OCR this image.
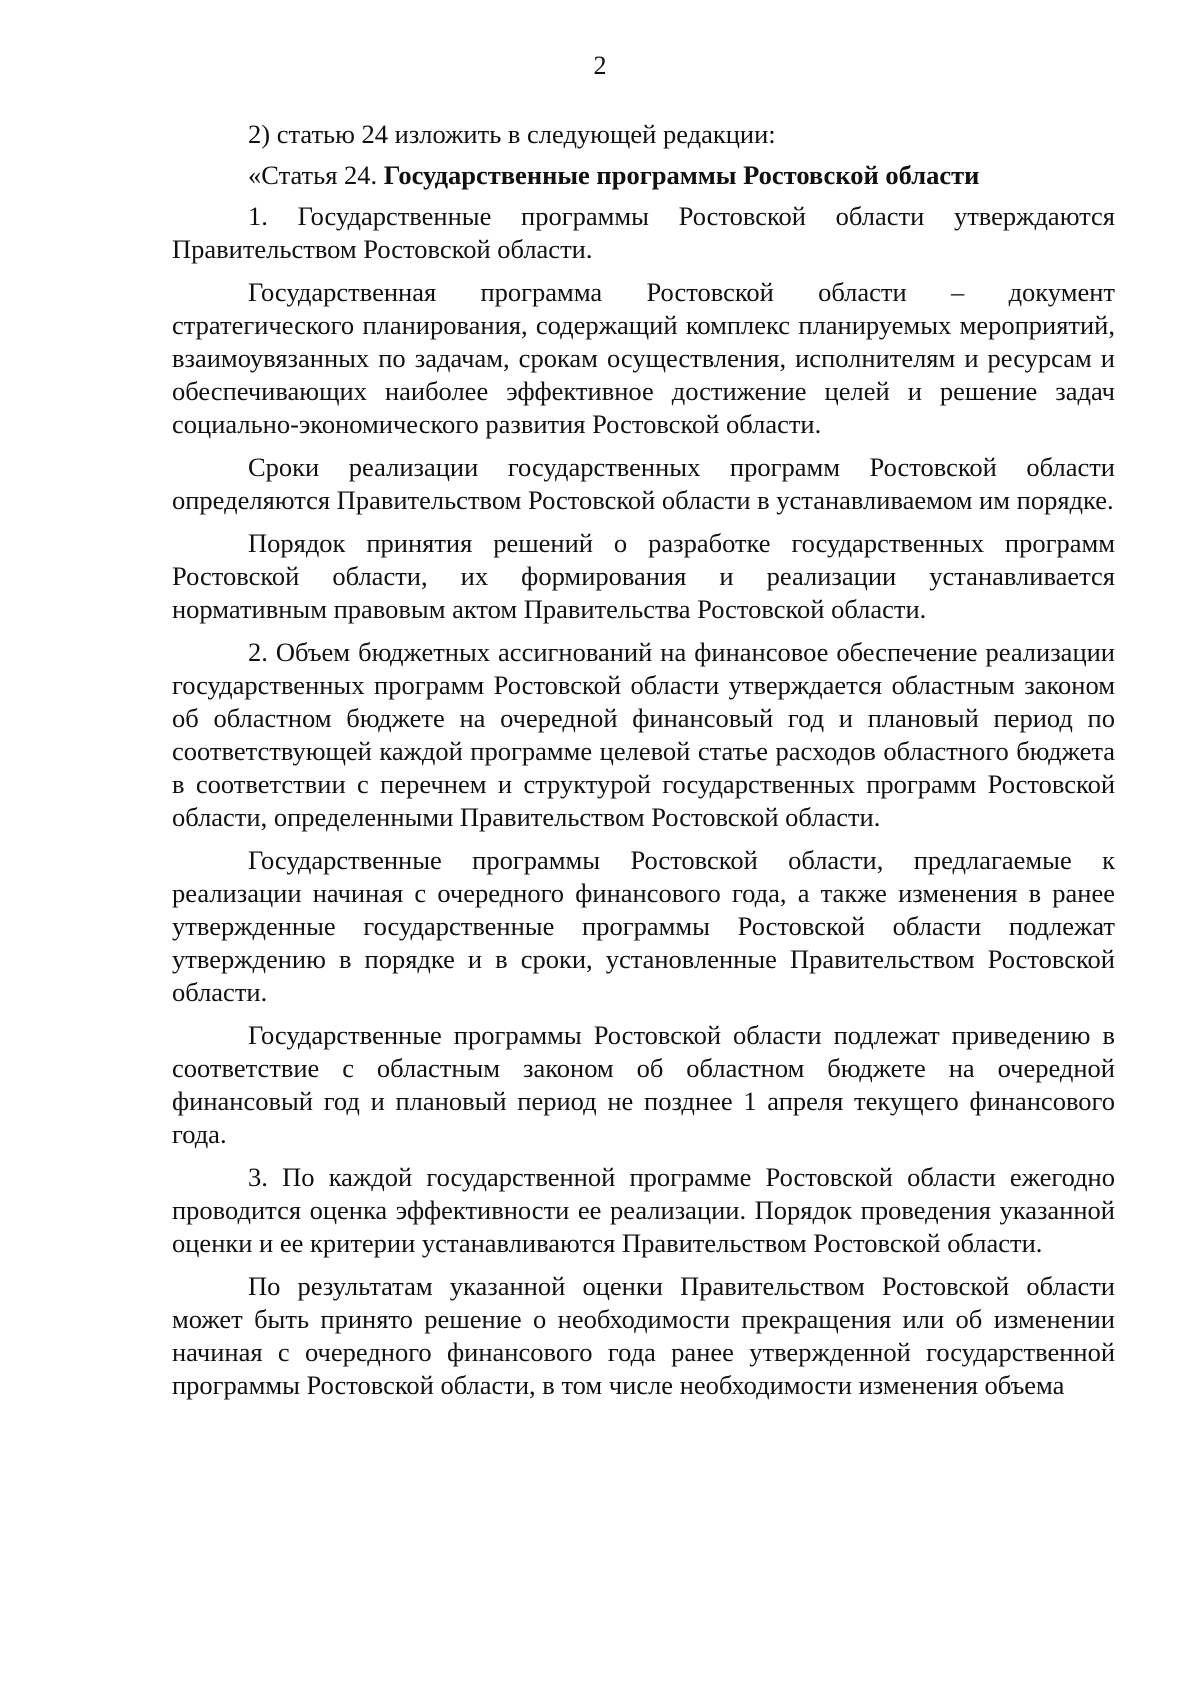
2

2) статью 24 изложить в следующей редакции:

«Статья 24. Государственные программы Ростовской области

1. Государственные программы Ростовской области утверждаются Правительством Ростовской области.

Государственная программа Ростовской области – документ стратегического планирования, содержащий комплекс планируемых мероприятий, взаимоувязанных по задачам, срокам осуществления, исполнителям и ресурсам и обеспечивающих наиболее эффективное достижение целей и решение задач социально-экономического развития Ростовской области.

Сроки реализации государственных программ Ростовской области определяются Правительством Ростовской области в устанавливаемом им порядке.

Порядок принятия решений о разработке государственных программ Ростовской области, их формирования и реализации устанавливается нормативным правовым актом Правительства Ростовской области.

2. Объем бюджетных ассигнований на финансовое обеспечение реализации государственных программ Ростовской области утверждается областным законом об областном бюджете на очередной финансовый год и плановый период по соответствующей каждой программе целевой статье расходов областного бюджета в соответствии с перечнем и структурой государственных программ Ростовской области, определенными Правительством Ростовской области.

Государственные программы Ростовской области, предлагаемые к реализации начиная с очередного финансового года, а также изменения в ранее утвержденные государственные программы Ростовской области подлежат утверждению в порядке и в сроки, установленные Правительством Ростовской области.

Государственные программы Ростовской области подлежат приведению в соответствие с областным законом об областном бюджете на очередной финансовый год и плановый период не позднее 1 апреля текущего финансового года.

3. По каждой государственной программе Ростовской области ежегодно проводится оценка эффективности ее реализации. Порядок проведения указанной оценки и ее критерии устанавливаются Правительством Ростовской области.

По результатам указанной оценки Правительством Ростовской области может быть принято решение о необходимости прекращения или об изменении начиная с очередного финансового года ранее утвержденной государственной программы Ростовской области, в том числе необходимости изменения объема
